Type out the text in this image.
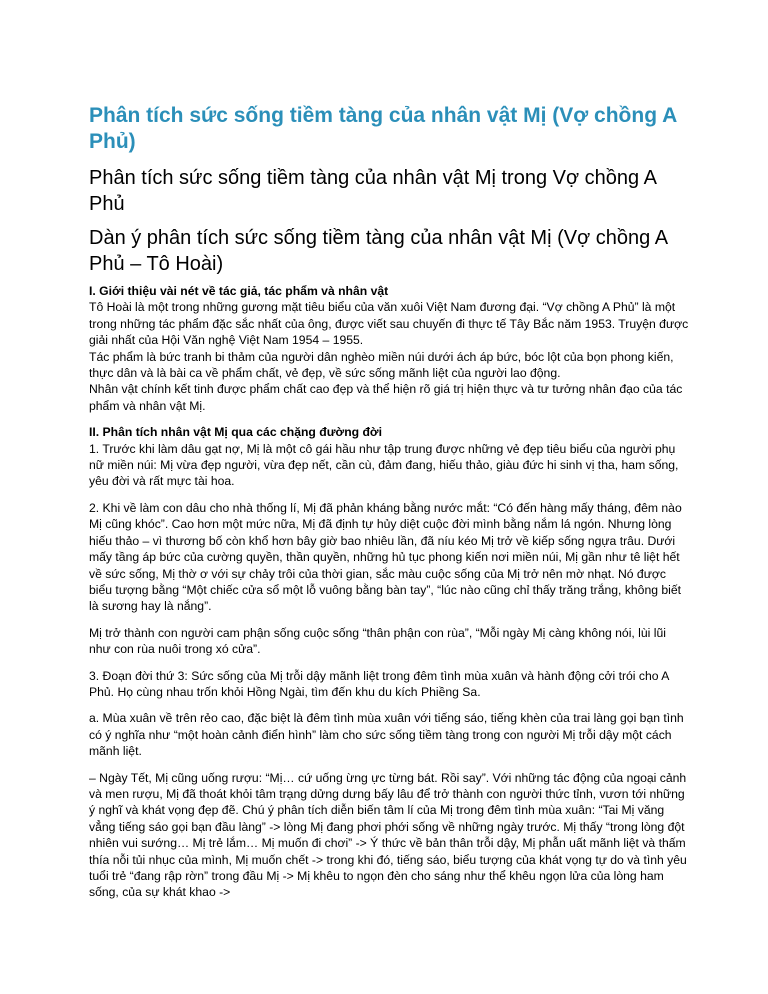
Phân tích sức sống tiềm tàng của nhân vật Mị (Vợ chồng A Phủ)
Phân tích sức sống tiềm tàng của nhân vật Mị trong Vợ chồng A Phủ
Dàn ý phân tích sức sống tiềm tàng của nhân vật Mị (Vợ chồng A Phủ – Tô Hoài)

I. Giới thiệu vài nét về tác giả, tác phẩm và nhân vật

Tô Hoài là một trong những gương mặt tiêu biểu của văn xuôi Việt Nam đương đại. “Vợ chồng A Phủ” là một trong những tác phẩm đặc sắc nhất của ông, được viết sau chuyến đi thực tế Tây Bắc năm 1953. Truyện được giải nhất của Hội Văn nghệ Việt Nam 1954 – 1955.

Tác phẩm là bức tranh bi thảm của người dân nghèo miền núi dưới ách áp bức, bóc lột của bọn phong kiến, thực dân và là bài ca về phẩm chất, vẻ đẹp, về sức sống mãnh liệt của người lao động.

Nhân vật chính kết tinh được phẩm chất cao đẹp và thể hiện rõ giá trị hiện thực và tư tưởng nhân đạo của tác phẩm và nhân vật Mị.

II. Phân tích nhân vật Mị qua các chặng đường đời

1. Trước khi làm dâu gạt nợ, Mị là một cô gái hầu như tập trung được những vẻ đẹp tiêu biểu của người phụ nữ miền núi: Mị vừa đẹp người, vừa đẹp nết, cần cù, đảm đang, hiếu thảo, giàu đức hi sinh vị tha, ham sống, yêu đời và rất mực tài hoa.

2. Khi về làm con dâu cho nhà thống lí, Mị đã phản kháng bằng nước mắt: “Có đến hàng mấy tháng, đêm nào Mị cũng khóc”. Cao hơn một mức nữa, Mị đã định tự hủy diệt cuộc đời mình bằng nắm lá ngón. Nhưng lòng hiếu thảo – vì thương bố còn khổ hơn bây giờ bao nhiêu lần, đã níu kéo Mị trở về kiếp sống ngựa trâu. Dưới mấy tầng áp bức của cường quyền, thần quyền, những hủ tục phong kiến nơi miền núi, Mị gần như tê liệt hết về sức sống, Mị thờ ơ với sự chảy trôi của thời gian, sắc màu cuộc sống của Mị trở nên mờ nhạt. Nó được biểu tượng bằng “Một chiếc cửa sổ một lỗ vuông bằng bàn tay”, “lúc nào cũng chỉ thấy trăng trắng, không biết là sương hay là nắng”.

Mị trở thành con người cam phận sống cuộc sống “thân phận con rùa”, “Mỗi ngày Mị càng không nói, lùi lũi như con rùa nuôi trong xó cửa”.

3. Đoạn đời thứ 3: Sức sống của Mị trỗi dậy mãnh liệt trong đêm tình mùa xuân và hành động cởi trói cho A Phủ. Họ cùng nhau trốn khỏi Hồng Ngài, tìm đến khu du kích Phiềng Sa.

a. Mùa xuân về trên rẻo cao, đặc biệt là đêm tình mùa xuân với tiếng sáo, tiếng khèn của trai làng gọi bạn tình có ý nghĩa như “một hoàn cảnh điển hình” làm cho sức sống tiềm tàng trong con người Mị trỗi dậy một cách mãnh liệt.

– Ngày Tết, Mị cũng uống rượu: “Mị… cứ uống ừng ực từng bát. Rồi say”. Với những tác động của ngoại cảnh và men rượu, Mị đã thoát khỏi tâm trạng dửng dưng bấy lâu để trở thành con người thức tỉnh, vươn tới những ý nghĩ và khát vọng đẹp đẽ. Chú ý phân tích diễn biến tâm lí của Mị trong đêm tình mùa xuân: “Tai Mị văng vẳng tiếng sáo gọi bạn đầu làng” -> lòng Mị đang phơi phới sống về những ngày trước. Mị thấy “trong lòng đột nhiên vui sướng… Mị trẻ lắm… Mị muốn đi chơi” -> Ý thức về bản thân trỗi dậy, Mị phẫn uất mãnh liệt và thấm thía nỗi tủi nhục của mình, Mị muốn chết -> trong khi đó, tiếng sáo, biểu tượng của khát vọng tự do và tình yêu tuổi trẻ “đang rập rờn” trong đầu Mị -> Mị khêu to ngọn đèn cho sáng như thể khêu ngọn lửa của lòng ham sống, của sự khát khao ->
